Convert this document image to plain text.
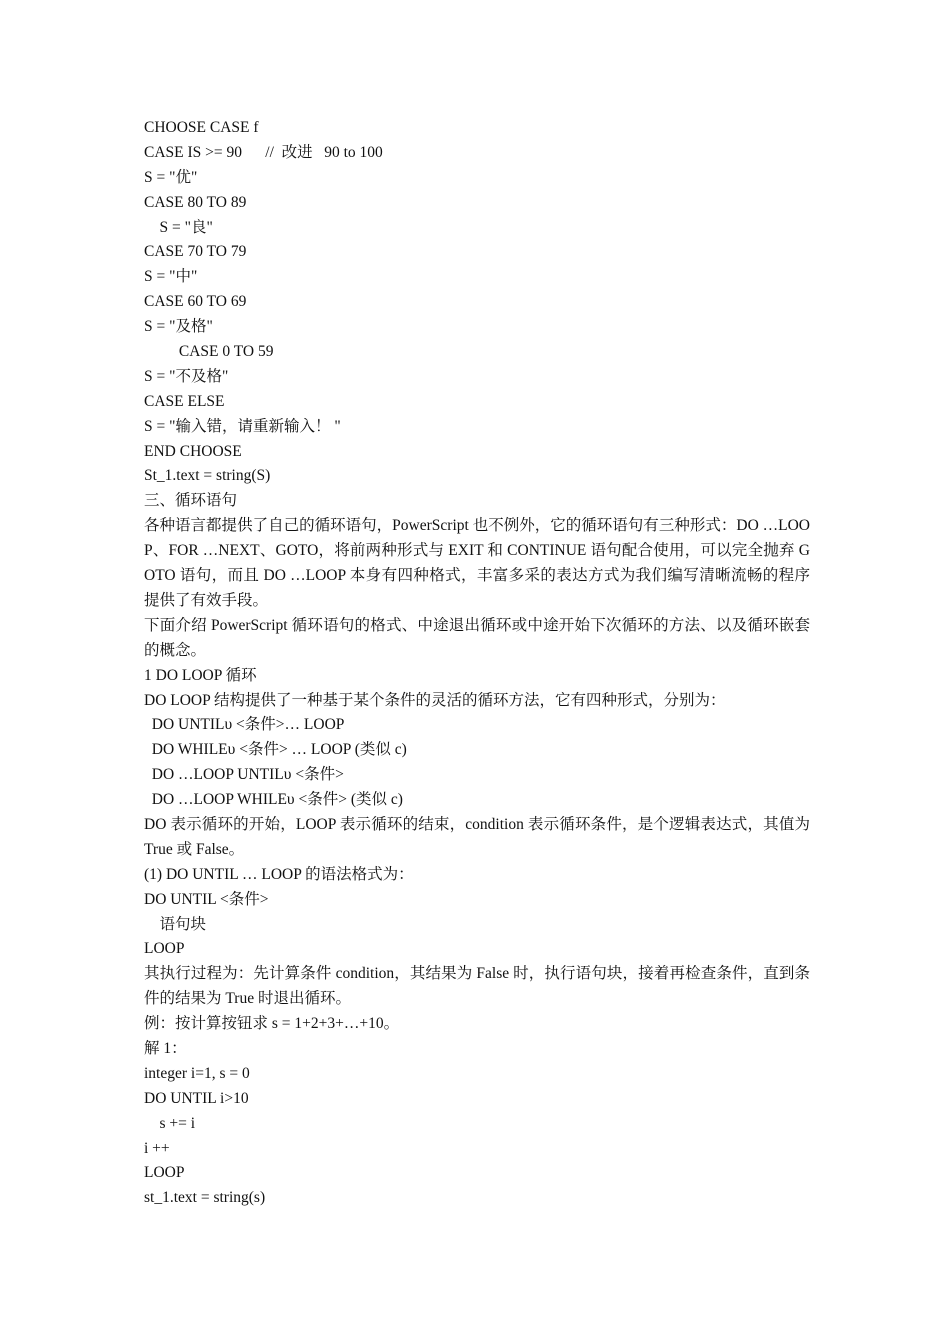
CHOOSE CASE f
CASE IS >= 90      //  改进   90 to 100
S = "优"
CASE 80 TO 89
S = "良"
CASE 70 TO 79
S = "中"
CASE 60 TO 69
S = "及格"
CASE 0 TO 59
S = "不及格"
CASE ELSE
S = "输入错，请重新输入！ "
END CHOOSE
St_1.text = string(S)
三、循环语句
各种语言都提供了自己的循环语句，PowerScript 也不例外，它的循环语句有三种形式：DO …LOOP、FOR …NEXT、GOTO，将前两种形式与 EXIT 和 CONTINUE 语句配合使用，可以完全抛弃 GOTO 语句，而且 DO …LOOP 本身有四种格式，丰富多采的表达方式为我们编写清晰流畅的程序提供了有效手段。
下面介绍 PowerScript 循环语句的格式、中途退出循环或中途开始下次循环的方法、以及循环嵌套的概念。
1 DO LOOP 循环
DO LOOP 结构提供了一种基于某个条件的灵活的循环方法，它有四种形式，分别为：
DO UNTILυ <条件>… LOOP
DO WHILEυ <条件> … LOOP (类似 c)
DO …LOOP UNTILυ <条件>
DO …LOOP WHILEυ <条件> (类似 c)
DO 表示循环的开始，LOOP 表示循环的结束，condition 表示循环条件，是个逻辑表达式，其值为 True 或 False。
(1) DO UNTIL … LOOP 的语法格式为：
DO UNTIL <条件>
语句块
LOOP
其执行过程为：先计算条件 condition，其结果为 False 时，执行语句块，接着再检查条件，直到条件的结果为 True 时退出循环。
例：按计算按钮求 s = 1+2+3+…+10。
解 1：
integer i=1, s = 0
DO UNTIL i>10
s += i
i ++
LOOP
st_1.text = string(s)
